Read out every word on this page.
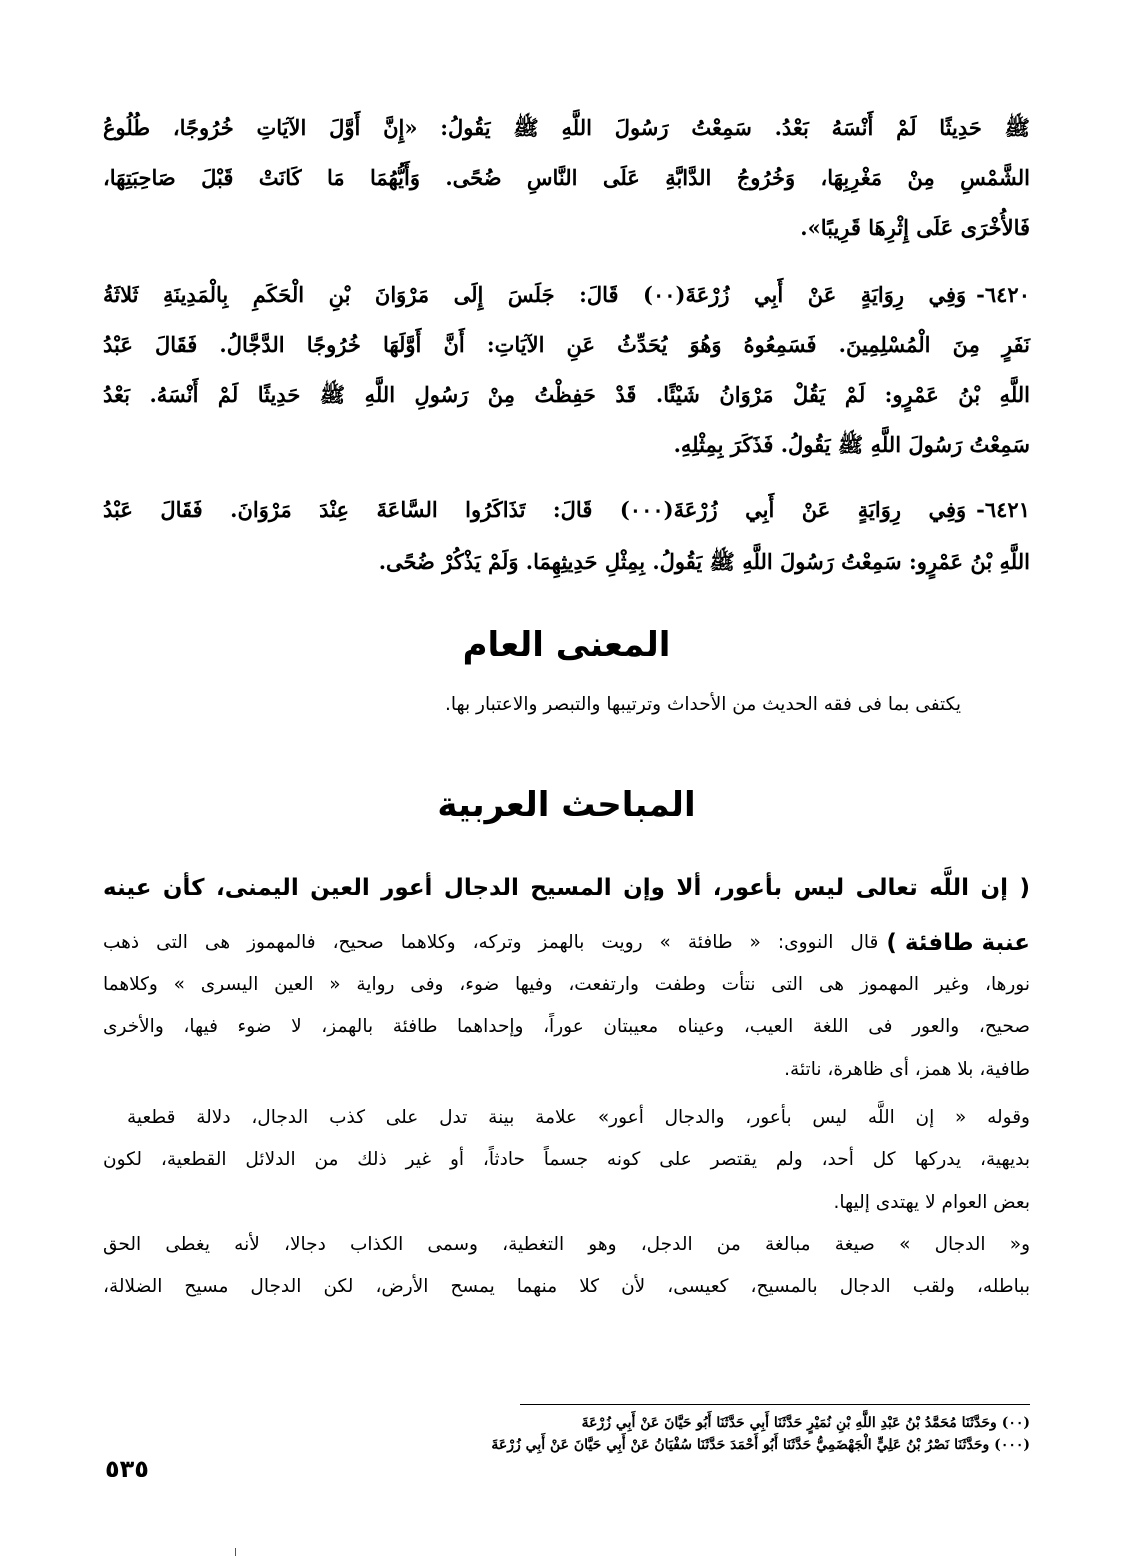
ﷺ حَدِيثًا لَمْ أَنْسَهُ بَعْدُ. سَمِعْتُ رَسُولَ اللَّهِ ﷺ يَقُولُ: «إِنَّ أَوَّلَ الآيَاتِ خُرُوجًا، طُلُوعُ
الشَّمْسِ مِنْ مَغْرِبِهَا، وَخُرُوجُ الدَّابَّةِ عَلَى النَّاسِ ضُحًى. وَأَيُّهُمَا مَا كَانَتْ قَبْلَ صَاحِبَتِهَا،
فَالأُخْرَى عَلَى إِثْرِهَا قَرِيبًا».
٦٤٢٠-
وَفِي رِوَايَةٍ عَنْ أَبِي زُرْعَةَ(٠٠) قَالَ: جَلَسَ إِلَى مَرْوَانَ بْنِ الْحَكَمِ بِالْمَدِينَةِ ثَلاثَةُ
نَفَرٍ مِنَ الْمُسْلِمِينَ. فَسَمِعُوهُ وَهُوَ يُحَدِّثُ عَنِ الآيَاتِ: أَنَّ أَوَّلَهَا خُرُوجًا الدَّجَّالُ. فَقَالَ عَبْدُ
اللَّهِ بْنُ عَمْرٍو: لَمْ يَقُلْ مَرْوَانُ شَيْئًا. قَدْ حَفِظْتُ مِنْ رَسُولِ اللَّهِ ﷺ حَدِيثًا لَمْ أَنْسَهُ. بَعْدُ
سَمِعْتُ رَسُولَ اللَّهِ ﷺ يَقُولُ. فَذَكَرَ بِمِثْلِهِ.
٦٤٢١-
وَفِي رِوَايَةٍ عَنْ أَبِي زُرْعَةَ(٠٠٠) قَالَ: تَذَاكَرُوا السَّاعَةَ عِنْدَ مَرْوَانَ. فَقَالَ عَبْدُ
اللَّهِ بْنُ عَمْرٍو: سَمِعْتُ رَسُولَ اللَّهِ ﷺ يَقُولُ. بِمِثْلِ حَدِيثِهِمَا. وَلَمْ يَذْكُرْ ضُحًى.
المعنى العام
يكتفى بما فى فقه الحديث من الأحداث وترتيبها والتبصر والاعتبار بها.
المباحث العربية
( إن اللَّه تعالى ليس بأعور، ألا وإن المسيح الدجال أعور العين اليمنى، كأن عينه
عنبة طافئة )
قال النووى: « طافئة » رويت بالهمز وتركه، وكلاهما صحيح، فالمهموز هى التى ذهب
نورها، وغير المهموز هى التى نتأت وطفت وارتفعت، وفيها ضوء، وفى رواية « العين اليسرى » وكلاهما
صحيح، والعور فى اللغة العيب، وعيناه معيبتان عوراً، وإحداهما طافئة بالهمز، لا ضوء فيها، والأخرى
طافية، بلا همز، أى ظاهرة، ناتئة.
وقوله « إن اللَّه ليس بأعور، والدجال أعور» علامة بينة تدل على كذب الدجال، دلالة قطعية
بديهية، يدركها كل أحد، ولم يقتصر على كونه جسماً حادثاً، أو غير ذلك من الدلائل القطعية، لكون
بعض العوام لا يهتدى إليها.
و« الدجال » صيغة مبالغة من الدجل، وهو التغطية، وسمى الكذاب دجالا، لأنه يغطى الحق
بباطله، ولقب الدجال بالمسيح، كعيسى، لأن كلا منهما يمسح الأرض، لكن الدجال مسيح الضلالة،
(٠٠) وحَدَّثَنَا مُحَمَّدُ بْنُ عَبْدِ اللَّهِ بْنِ نُمَيْرٍ حَدَّثَنَا أَبِي حَدَّثَنَا أَبُو حَيَّانَ عَنْ أَبِي زُرْعَةَ
(٠٠٠) وحَدَّثَنَا نَصْرُ بْنُ عَلِيٍّ الْجَهْضَمِيُّ حَدَّثَنَا أَبُو أَحْمَدَ حَدَّثَنَا سُفْيَانُ عَنْ أَبِي حَيَّانَ عَنْ أَبِي زُرْعَةَ
٥٣٥
